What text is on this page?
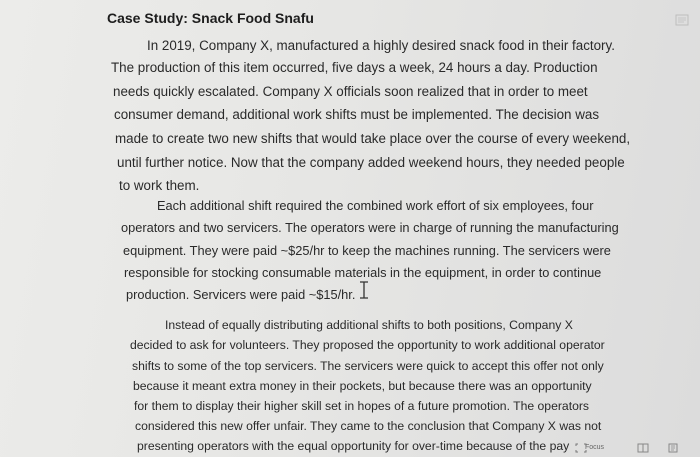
Case Study: Snack Food Snafu
In 2019, Company X, manufactured a highly desired snack food in their factory.
The production of this item occurred, five days a week, 24 hours a day. Production
needs quickly escalated. Company X officials soon realized that in order to meet
consumer demand, additional work shifts must be implemented. The decision was
made to create two new shifts that would take place over the course of every weekend,
until further notice. Now that the company added weekend hours, they needed people
to work them.
Each additional shift required the combined work effort of six employees, four
operators and two servicers. The operators were in charge of running the manufacturing
equipment. They were paid ~$25/hr to keep the machines running. The servicers were
responsible for stocking consumable materials in the equipment, in order to continue
production. Servicers were paid ~$15/hr.
Instead of equally distributing additional shifts to both positions, Company X
decided to ask for volunteers. They proposed the opportunity to work additional operator
shifts to some of the top servicers. The servicers were quick to accept this offer not only
because it meant extra money in their pockets, but because there was an opportunity
for them to display their higher skill set in hopes of a future promotion. The operators
considered this new offer unfair. They came to the conclusion that Company X was not
presenting operators with the equal opportunity for over-time because of the pay Focus
